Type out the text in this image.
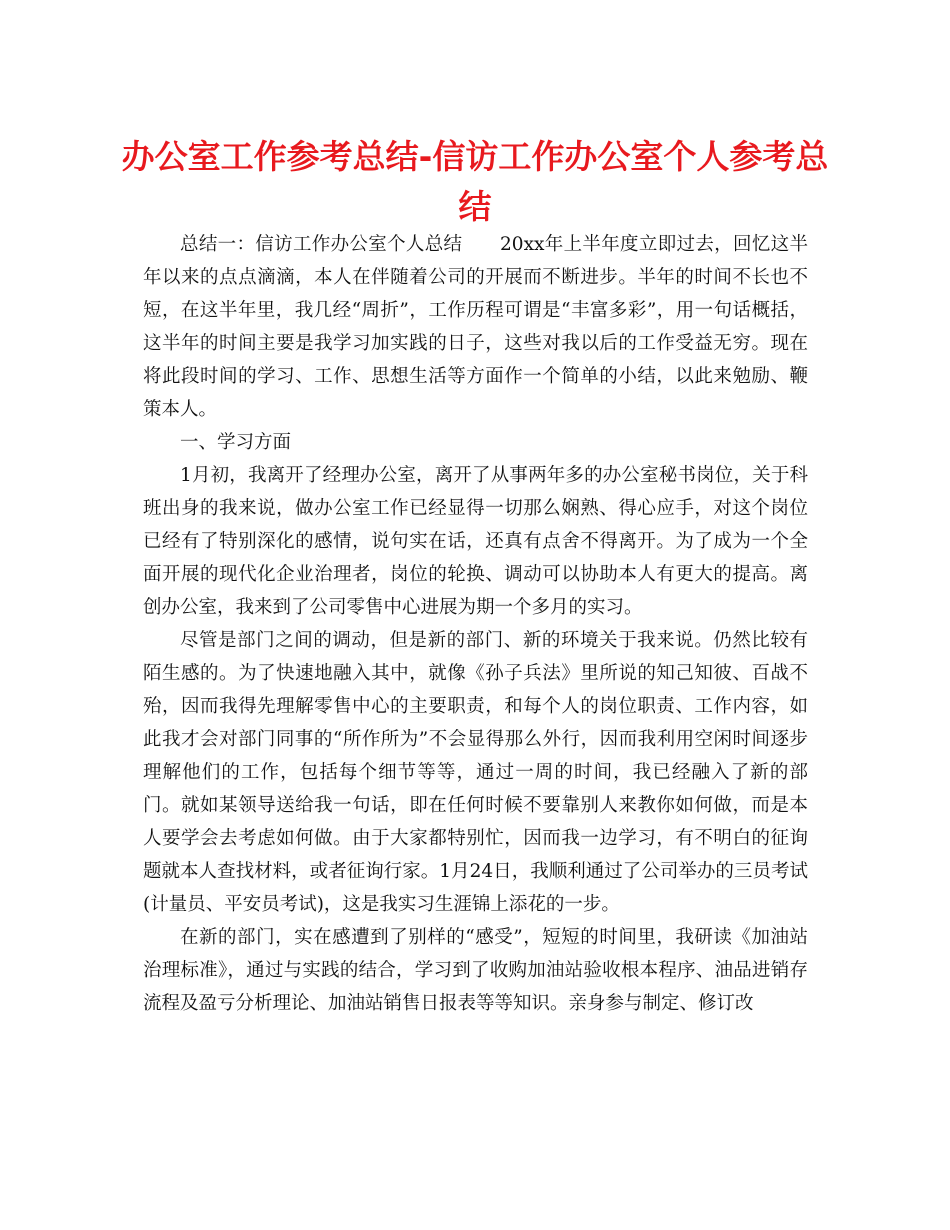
办公室工作参考总结-信访工作办公室个人参考总结

总结一：信访工作办公室个人总结　　20xx年上半年度立即过去，回忆这半年以来的点点滴滴，本人在伴随着公司的开展而不断进步。半年的时间不长也不短，在这半年里，我几经“周折”，工作历程可谓是“丰富多彩”，用一句话概括，这半年的时间主要是我学习加实践的日子，这些对我以后的工作受益无穷。现在将此段时间的学习、工作、思想生活等方面作一个简单的小结，以此来勉励、鞭策本人。

一、学习方面

1月初，我离开了经理办公室，离开了从事两年多的办公室秘书岗位，关于科班出身的我来说，做办公室工作已经显得一切那么娴熟、得心应手，对这个岗位已经有了特别深化的感情，说句实在话，还真有点舍不得离开。为了成为一个全面开展的现代化企业治理者，岗位的轮换、调动可以协助本人有更大的提高。离创办公室，我来到了公司零售中心进展为期一个多月的实习。

尽管是部门之间的调动，但是新的部门、新的环境关于我来说。仍然比较有陌生感的。为了快速地融入其中，就像《孙子兵法》里所说的知己知彼、百战不殆，因而我得先理解零售中心的主要职责，和每个人的岗位职责、工作内容，如此我才会对部门同事的“所作所为”不会显得那么外行，因而我利用空闲时间逐步理解他们的工作，包括每个细节等等，通过一周的时间，我已经融入了新的部门。就如某领导送给我一句话，即在任何时候不要靠别人来教你如何做，而是本人要学会去考虑如何做。由于大家都特别忙，因而我一边学习，有不明白的征询题就本人查找材料，或者征询行家。1月24日，我顺利通过了公司举办的三员考试(计量员、平安员考试)，这是我实习生涯锦上添花的一步。

在新的部门，实在感遭到了别样的“感受”，短短的时间里，我研读《加油站治理标准》，通过与实践的结合，学习到了收购加油站验收根本程序、油品进销存流程及盈亏分析理论、加油站销售日报表等等知识。亲身参与制定、修订改
